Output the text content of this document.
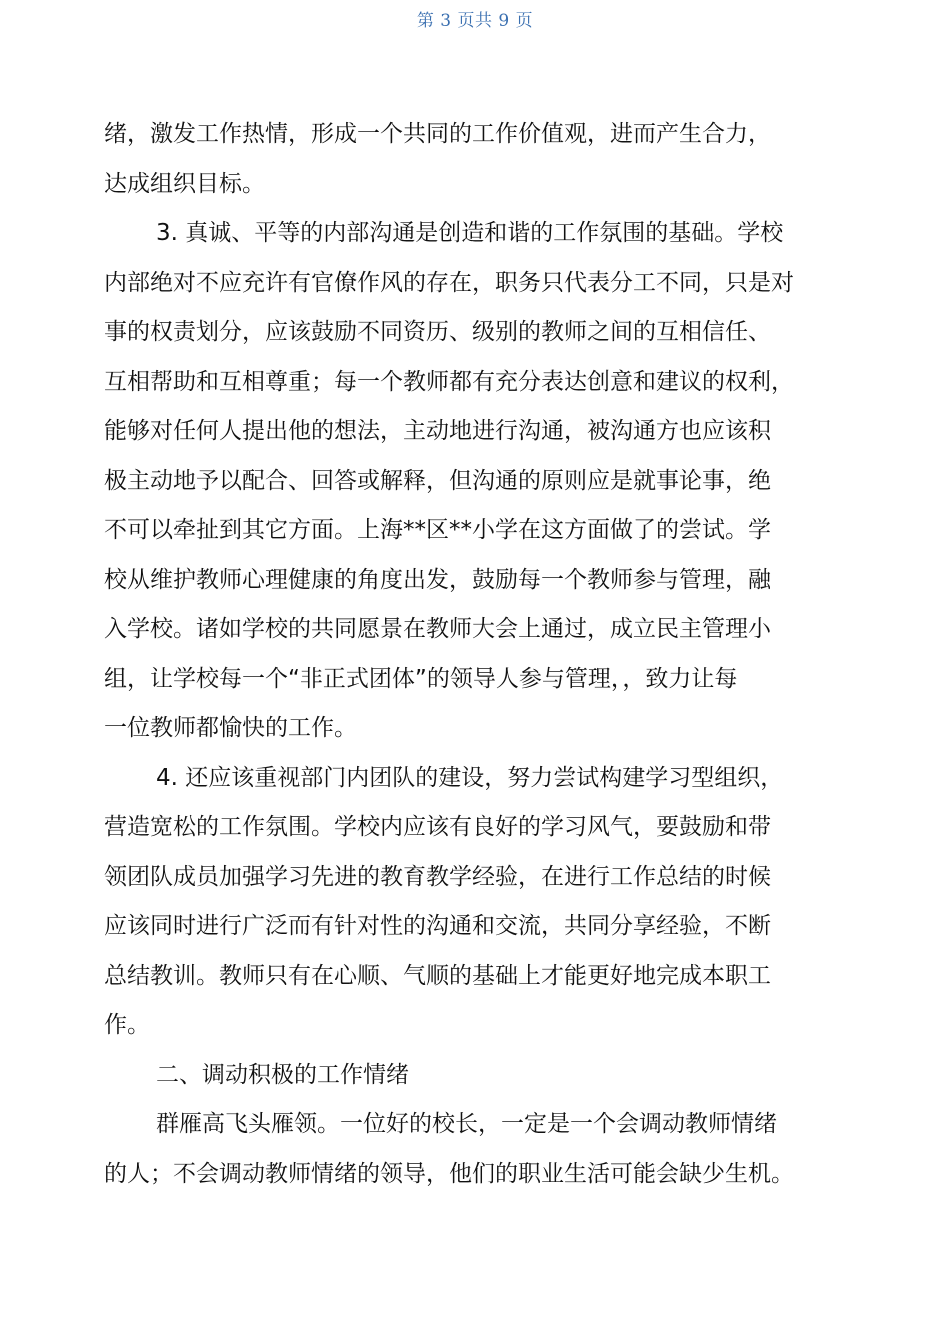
第 3 页共 9 页
绪，激发工作热情，形成一个共同的工作价值观，进而产生合力，
达成组织目标。
3. 真诚、平等的内部沟通是创造和谐的工作氛围的基础。学校
内部绝对不应充许有官僚作风的存在，职务只代表分工不同，只是对
事的权责划分，应该鼓励不同资历、级别的教师之间的互相信任、
互相帮助和互相尊重；每一个教师都有充分表达创意和建议的权利，
能够对任何人提出他的想法，主动地进行沟通，被沟通方也应该积
极主动地予以配合、回答或解释，但沟通的原则应是就事论事，绝
不可以牵扯到其它方面。上海**区**小学在这方面做了的尝试。学
校从维护教师心理健康的角度出发，鼓励每一个教师参与管理，融
入学校。诸如学校的共同愿景在教师大会上通过，成立民主管理小
组，让学校每一个“非正式团体”的领导人参与管理，，致力让每
一位教师都愉快的工作。
4. 还应该重视部门内团队的建设，努力尝试构建学习型组织，
营造宽松的工作氛围。学校内应该有良好的学习风气，要鼓励和带
领团队成员加强学习先进的教育教学经验，在进行工作总结的时候
应该同时进行广泛而有针对性的沟通和交流，共同分享经验，不断
总结教训。教师只有在心顺、气顺的基础上才能更好地完成本职工
作。
二、调动积极的工作情绪
群雁高飞头雁领。一位好的校长，一定是一个会调动教师情绪
的人；不会调动教师情绪的领导，他们的职业生活可能会缺少生机。
